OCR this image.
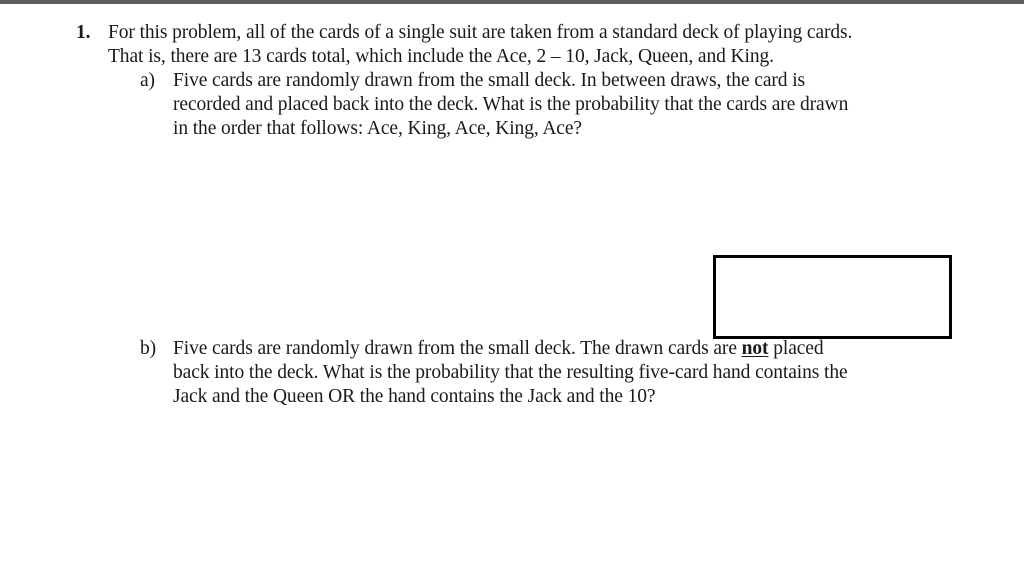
1. For this problem, all of the cards of a single suit are taken from a standard deck of playing cards.
That is, there are 13 cards total, which include the Ace, 2 – 10, Jack, Queen, and King.
a) Five cards are randomly drawn from the small deck. In between draws, the card is
recorded and placed back into the deck. What is the probability that the cards are drawn
in the order that follows: Ace, King, Ace, King, Ace?
b) Five cards are randomly drawn from the small deck. The drawn cards are not placed
back into the deck. What is the probability that the resulting five-card hand contains the
Jack and the Queen OR the hand contains the Jack and the 10?
